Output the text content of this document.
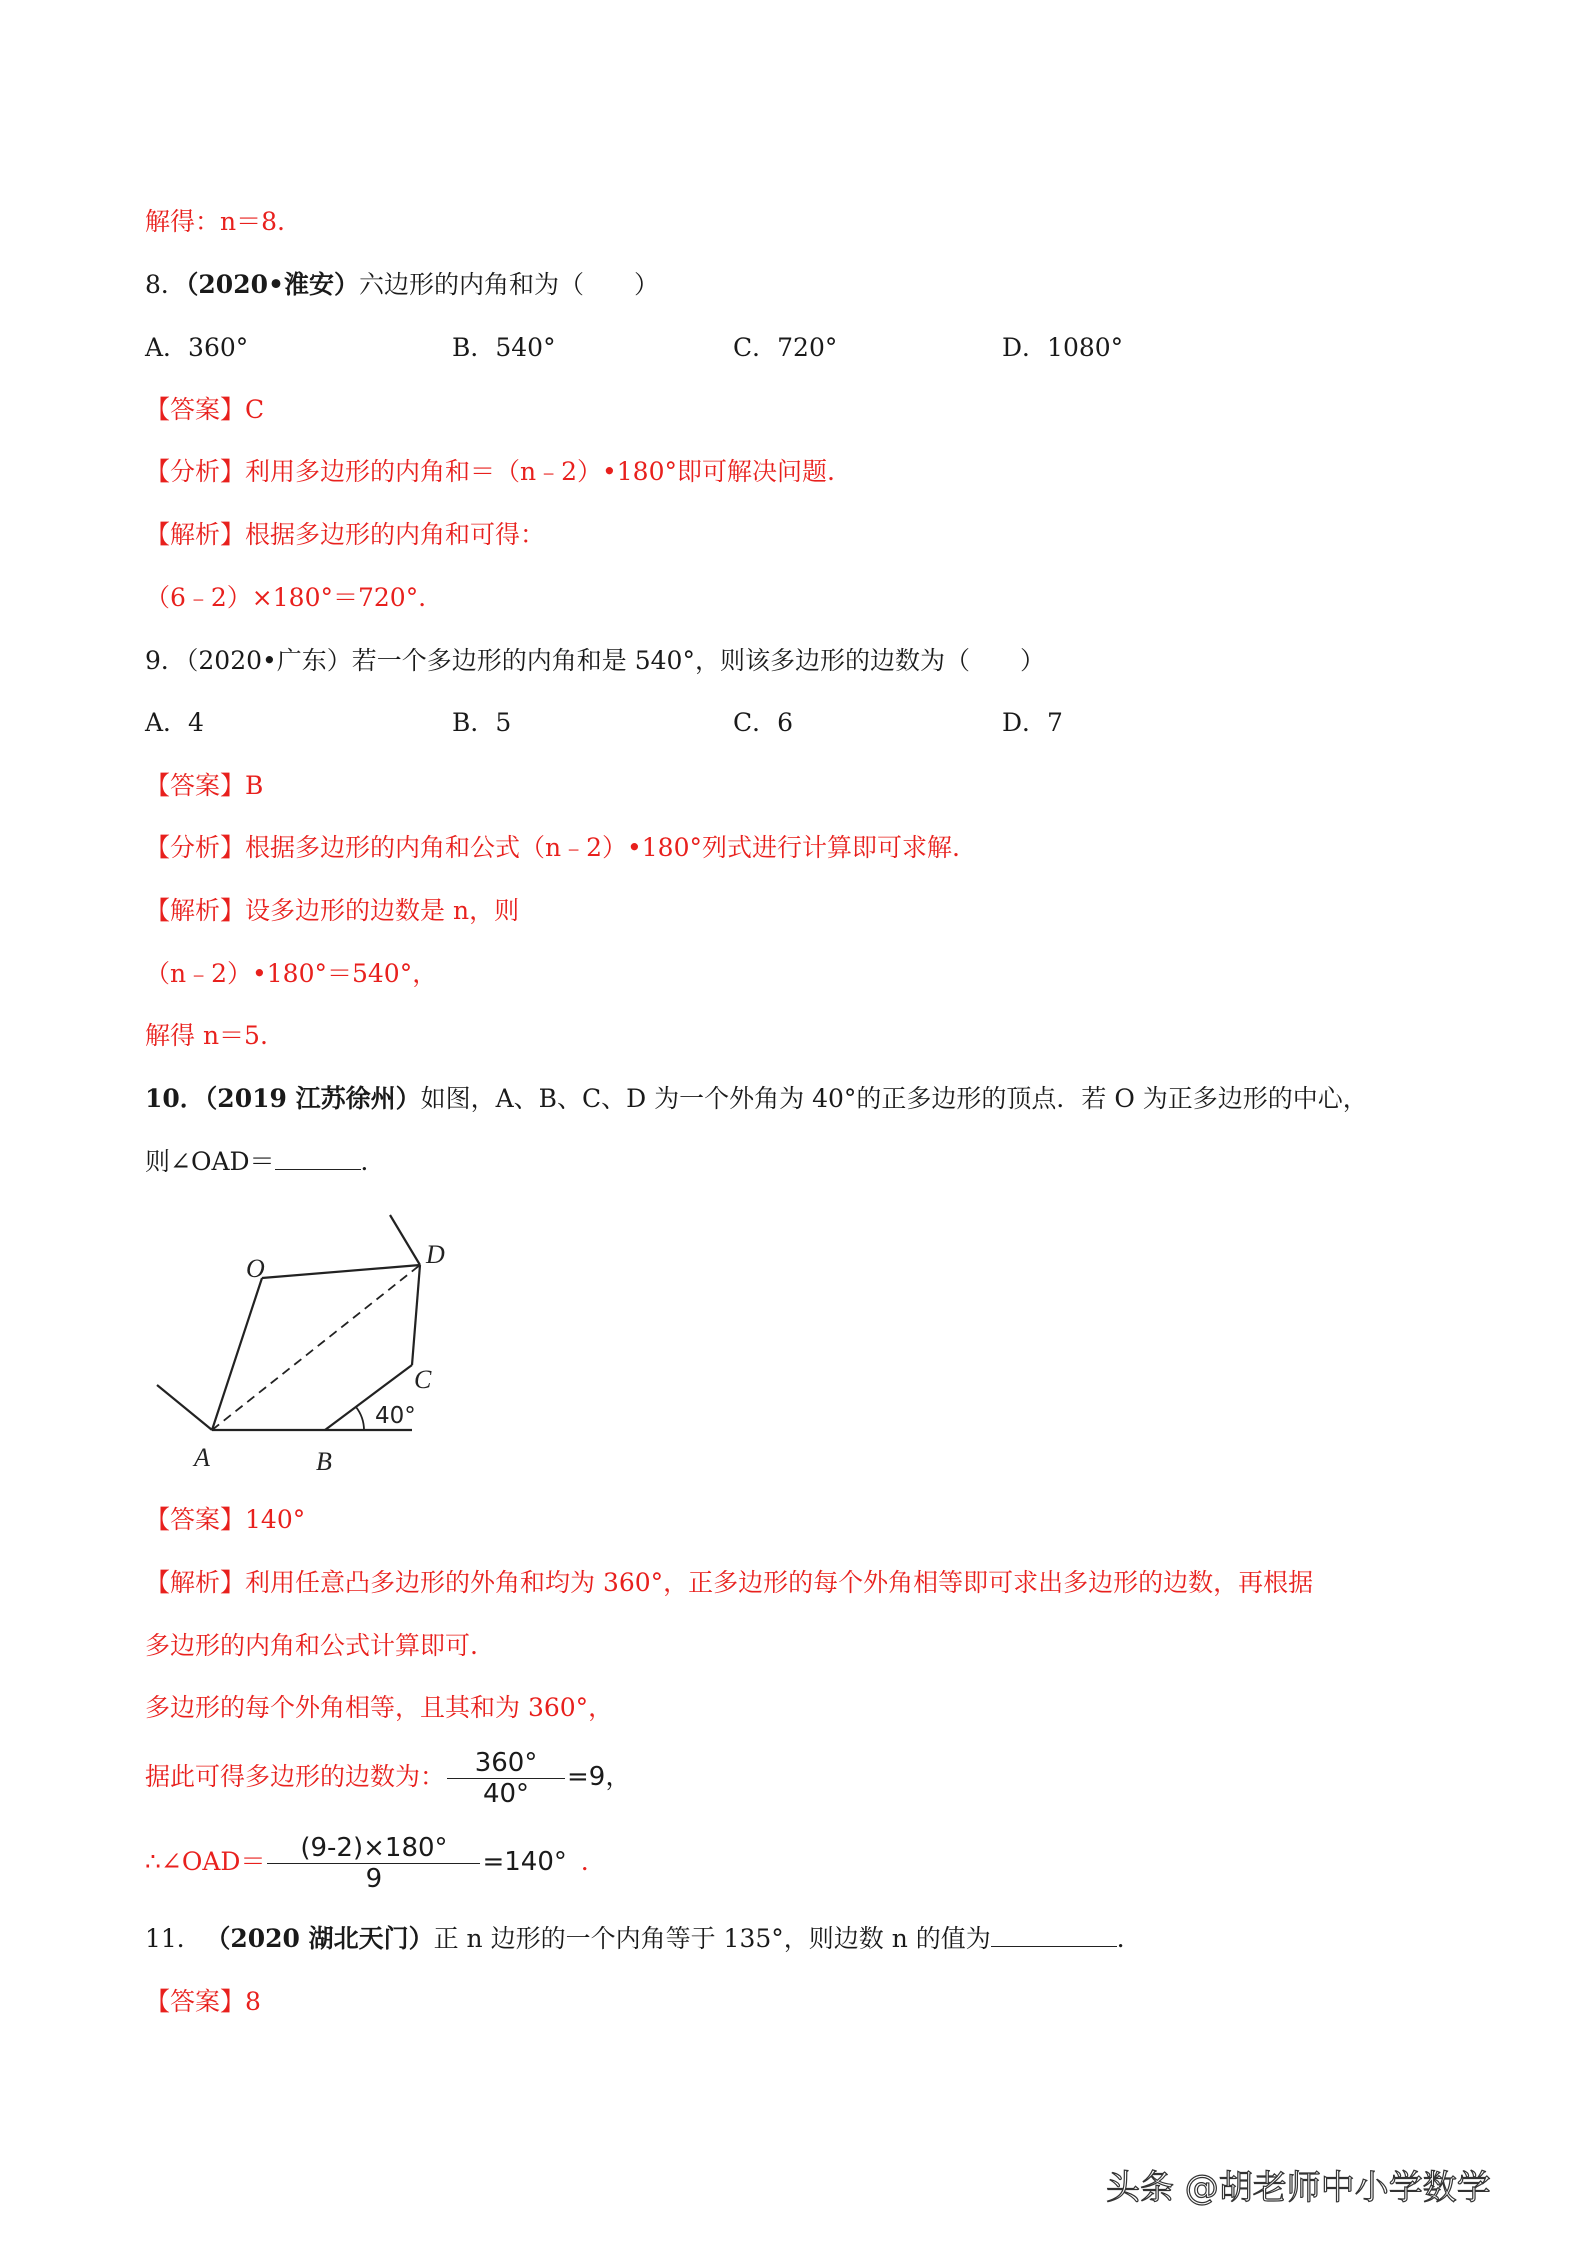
解得：n＝8.
8．（2020•淮安）六边形的内角和为（　　）
A．360°	B．540°	C．720°	D．1080°
【答案】C
【分析】利用多边形的内角和＝（n﹣2）•180°即可解决问题.
【解析】根据多边形的内角和可得：
（6﹣2）×180°＝720°．
9．（2020•广东）若一个多边形的内角和是 540°，则该多边形的边数为（　　）
A．4	B．5	C．6	D．7
【答案】B
【分析】根据多边形的内角和公式（n﹣2）•180°列式进行计算即可求解.
【解析】设多边形的边数是 n，则
（n﹣2）•180°＝540°，
解得 n＝5.
10．（2019 江苏徐州）如图，A、B、C、D 为一个外角为 40°的正多边形的顶点．若 O 为正多边形的中心，
则∠OAD＝	．
O	D
C
A	B
40°
【答案】140°
【解析】利用任意凸多边形的外角和均为 360°，正多边形的每个外角相等即可求出多边形的边数，再根据
多边形的内角和公式计算即可.
多边形的每个外角相等，且其和为 360°，
据此可得多边形的边数为： $\frac{360^\circ}{40^\circ} =9$，
∴∠OAD＝ $\frac{(9-2)\times 180^\circ}{9} =140^\circ$ ．
11． （2020 湖北天门）正 n 边形的一个内角等于 135°，则边数 n 的值为	．
【答案】8
头条 @胡老师中小学数学
